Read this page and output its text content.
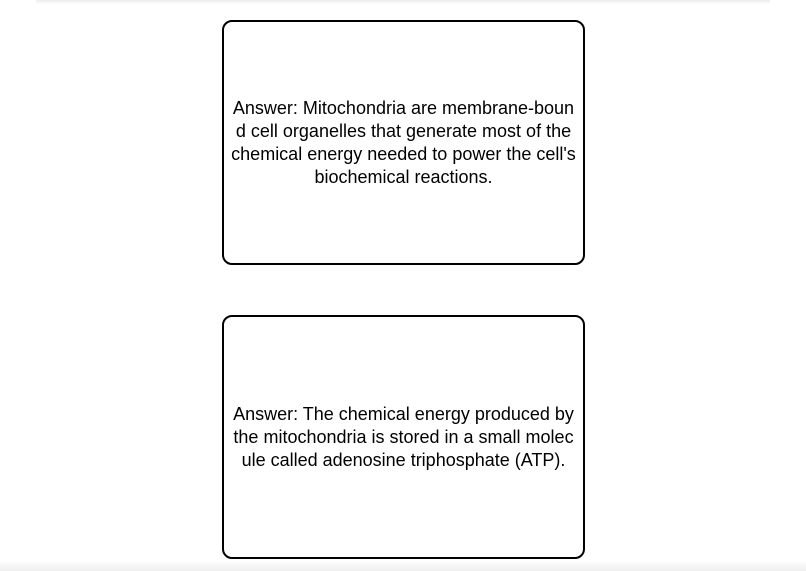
Answer: Mitochondria are membrane-bound cell organelles that generate most of the chemical energy needed to power the cell's biochemical reactions.

Answer: The chemical energy produced by the mitochondria is stored in a small molecule called adenosine triphosphate (ATP).
